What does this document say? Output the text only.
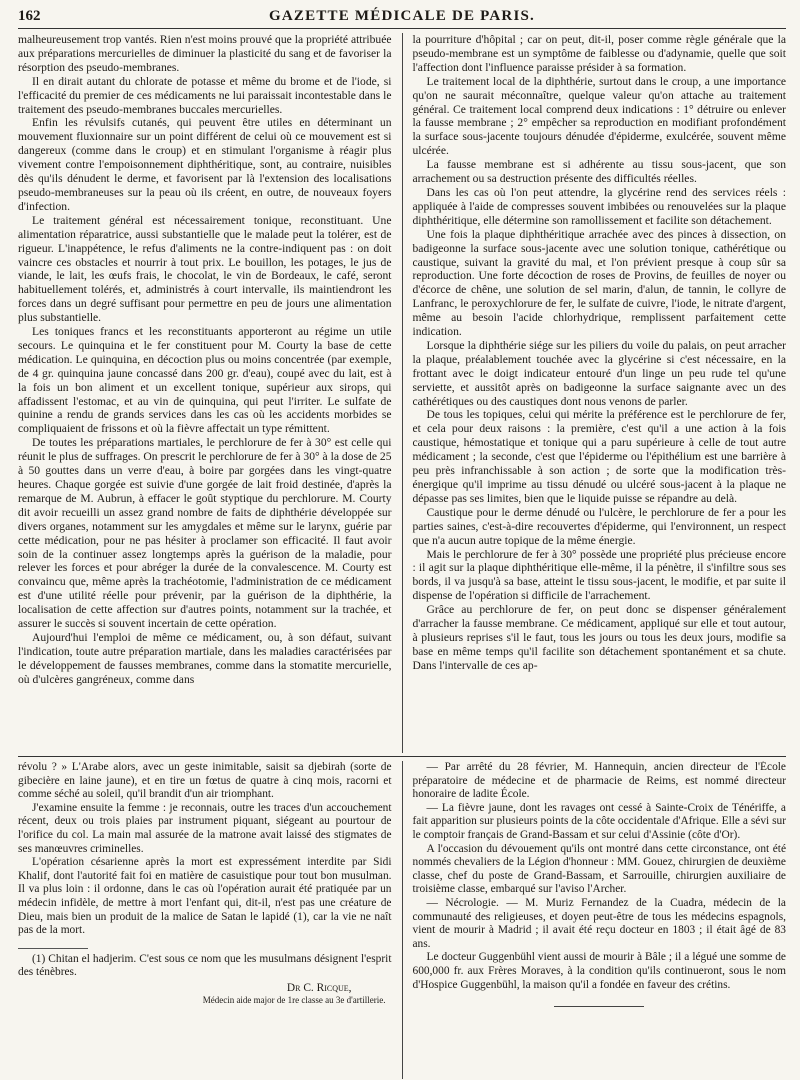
162	GAZETTE MÉDICALE DE PARIS.

malheureusement trop vantés. Rien n'est moins prouvé que la propriété attribuée aux préparations mercurielles de diminuer la plasticité du sang et de favoriser la résorption des pseudo-membranes.

Il en dirait autant du chlorate de potasse et même du brome et de l'iode, si l'efficacité du premier de ces médicaments ne lui paraissait incontestable dans le traitement des pseudo-membranes buccales mercurielles.

Enfin les révulsifs cutanés, qui peuvent être utiles en déterminant un mouvement fluxionnaire sur un point différent de celui où ce mouvement est si dangereux (comme dans le croup) et en stimulant l'organisme à réagir plus vivement contre l'empoisonnement diphthéritique, sont, au contraire, nuisibles dès qu'ils dénudent le derme, et favorisent par là l'extension des localisations pseudo-membraneuses sur la peau où ils créent, en outre, de nouveaux foyers d'infection.

Le traitement général est nécessairement tonique, reconstituant. Une alimentation réparatrice, aussi substantielle que le malade peut la tolérer, est de rigueur. L'inappétence, le refus d'aliments ne la contre-indiquent pas : on doit vaincre ces obstacles et nourrir à tout prix. Le bouillon, les potages, le jus de viande, le lait, les œufs frais, le chocolat, le vin de Bordeaux, le café, seront habituellement tolérés, et, administrés à court intervalle, ils maintiendront les forces dans un degré suffisant pour permettre en peu de jours une alimentation plus substantielle.

Les toniques francs et les reconstituants apporteront au régime un utile secours. Le quinquina et le fer constituent pour M. Courty la base de cette médication. Le quinquina, en décoction plus ou moins concentrée (par exemple, de 4 gr. quinquina jaune concassé dans 200 gr. d'eau), coupé avec du lait, est à la fois un bon aliment et un excellent tonique, supérieur aux sirops, qui affadissent l'estomac, et au vin de quinquina, qui peut l'irriter. Le sulfate de quinine a rendu de grands services dans les cas où les accidents morbides se compliquaient de frissons et où la fièvre affectait un type rémittent.

De toutes les préparations martiales, le perchlorure de fer à 30° est celle qui réunit le plus de suffrages. On prescrit le perchlorure de fer à 30° à la dose de 25 à 50 gouttes dans un verre d'eau, à boire par gorgées dans les vingt-quatre heures. Chaque gorgée est suivie d'une gorgée de lait froid destinée, d'après la remarque de M. Aubrun, à effacer le goût styptique du perchlorure. M. Courty dit avoir recueilli un assez grand nombre de faits de diphthérie développée sur divers organes, notamment sur les amygdales et même sur le larynx, guérie par cette médication, pour ne pas hésiter à proclamer son efficacité. Il faut avoir soin de la continuer assez longtemps après la guérison de la maladie, pour relever les forces et pour abréger la durée de la convalescence. M. Courty est convaincu que, même après la trachéotomie, l'administration de ce médicament est d'une utilité réelle pour prévenir, par la guérison de la diphthérie, la localisation de cette affection sur d'autres points, notamment sur la trachée, et assurer le succès si souvent incertain de cette opération.

Aujourd'hui l'emploi de même ce médicament, ou, à son défaut, suivant l'indication, toute autre préparation martiale, dans les maladies caractérisées par le développement de fausses membranes, comme dans la stomatite mercurielle, où d'ulcères gangréneux, comme dans

la pourriture d'hôpital ; car on peut, dit-il, poser comme règle générale que la pseudo-membrane est un symptôme de faiblesse ou d'adynamie, quelle que soit l'affection dont l'influence paraisse présider à sa formation.

Le traitement local de la diphthérie, surtout dans le croup, a une importance qu'on ne saurait méconnaître, quelque valeur qu'on attache au traitement général. Ce traitement local comprend deux indications : 1° détruire ou enlever la fausse membrane ; 2° empêcher sa reproduction en modifiant profondément la surface sous-jacente toujours dénudée d'épiderme, exulcérée, souvent même ulcérée.

La fausse membrane est si adhérente au tissu sous-jacent, que son arrachement ou sa destruction présente des difficultés réelles.

Dans les cas où l'on peut attendre, la glycérine rend des services réels : appliquée à l'aide de compresses souvent imbibées ou renouvelées sur la plaque diphthéritique, elle détermine son ramollissement et facilite son détachement.

Une fois la plaque diphthéritique arrachée avec des pinces à dissection, on badigeonne la surface sous-jacente avec une solution tonique, cathérétique ou caustique, suivant la gravité du mal, et l'on prévient presque à coup sûr sa reproduction. Une forte décoction de roses de Provins, de feuilles de noyer ou d'écorce de chêne, une solution de sel marin, d'alun, de tannin, le collyre de Lanfranc, le peroxychlorure de fer, le sulfate de cuivre, l'iode, le nitrate d'argent, même au besoin l'acide chlorhydrique, remplissent parfaitement cette indication.

Lorsque la diphthérie siége sur les piliers du voile du palais, on peut arracher la plaque, préalablement touchée avec la glycérine si c'est nécessaire, en la frottant avec le doigt indicateur entouré d'un linge un peu rude tel qu'une serviette, et aussitôt après on badigeonne la surface saignante avec un des cathérétiques ou des caustiques dont nous venons de parler.

De tous les topiques, celui qui mérite la préférence est le perchlorure de fer, et cela pour deux raisons : la première, c'est qu'il a une action à la fois caustique, hémostatique et tonique qui a paru supérieure à celle de tout autre médicament ; la seconde, c'est que l'épiderme ou l'épithélium est une barrière à peu près infranchissable à son action ; de sorte que la modification très-énergique qu'il imprime au tissu dénudé ou ulcéré sous-jacent à la plaque ne dépasse pas ses limites, bien que le liquide puisse se répandre au delà.

Caustique pour le derme dénudé ou l'ulcère, le perchlorure de fer a pour les parties saines, c'est-à-dire recouvertes d'épiderme, qui l'environnent, un respect que n'a aucun autre topique de la même énergie.

Mais le perchlorure de fer à 30° possède une propriété plus précieuse encore : il agit sur la plaque diphthéritique elle-même, il la pénètre, il s'infiltre sous ses bords, il va jusqu'à sa base, atteint le tissu sous-jacent, le modifie, et par suite il dispense de l'opération si difficile de l'arrachement.

Grâce au perchlorure de fer, on peut donc se dispenser généralement d'arracher la fausse membrane. Ce médicament, appliqué sur elle et tout autour, à plusieurs reprises s'il le faut, tous les jours ou tous les deux jours, modifie sa base en même temps qu'il facilite son détachement spontanément et sa chute. Dans l'intervalle de ces ap-

révolu ? » L'Arabe alors, avec un geste inimitable, saisit sa djebirah (sorte de gibecière en laine jaune), et en tire un fœtus de quatre à cinq mois, racorni et comme séché au soleil, qu'il brandit d'un air triomphant.

J'examine ensuite la femme : je reconnais, outre les traces d'un accouchement récent, deux ou trois plaies par instrument piquant, siégeant au pourtour de l'orifice du col. La main mal assurée de la matrone avait laissé des stigmates de ses manœuvres criminelles.

L'opération césarienne après la mort est expressément interdite par Sidi Khalif, dont l'autorité fait foi en matière de casuistique pour tout bon musulman. Il va plus loin : il ordonne, dans le cas où l'opération aurait été pratiquée par un médecin infidèle, de mettre à mort l'enfant qui, dit-il, n'est pas une créature de Dieu, mais bien un produit de la malice de Satan le lapidé (1), car la vie ne naît pas de la mort.

(1) Chitan el hadjerim. C'est sous ce nom que les musulmans désignent l'esprit des ténèbres.

Dr C. Ricque,
Médecin aide major de 1re classe au 3e d'artillerie.

— Par arrêté du 28 février, M. Hannequin, ancien directeur de l'École préparatoire de médecine et de pharmacie de Reims, est nommé directeur honoraire de ladite École.

— La fièvre jaune, dont les ravages ont cessé à Sainte-Croix de Ténériffe, a fait apparition sur plusieurs points de la côte occidentale d'Afrique. Elle a sévi sur le comptoir français de Grand-Bassam et sur celui d'Assinie (côte d'Or).

A l'occasion du dévouement qu'ils ont montré dans cette circonstance, ont été nommés chevaliers de la Légion d'honneur : MM. Gouez, chirurgien de deuxième classe, chef du poste de Grand-Bassam, et Sarrouille, chirurgien auxiliaire de troisième classe, embarqué sur l'aviso l'Archer.

— Nécrologie. — M. Muriz Fernandez de la Cuadra, médecin de la communauté des religieuses, et doyen peut-être de tous les médecins espagnols, vient de mourir à Madrid ; il avait été reçu docteur en 1803 ; il était âgé de 83 ans.

Le docteur Guggenbühl vient aussi de mourir à Bâle ; il a légué une somme de 600,000 fr. aux Frères Moraves, à la condition qu'ils continueront, sous le nom d'Hospice Guggenbühl, la maison qu'il a fondée en faveur des crétins.
